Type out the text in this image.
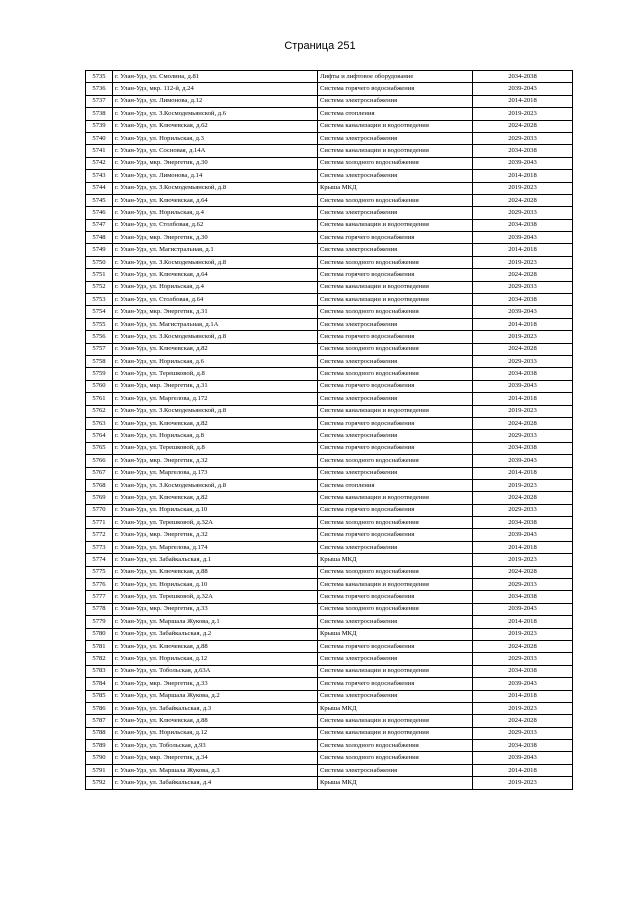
Страница 251
5735	г. Улан-Удэ, ул. Смолина, д.81	Лифты и лифтовое оборудование	2034-2038
5736	г. Улан-Удэ, мкр. 112-й, д.24	Система горячего водоснабжения	2039-2043
5737	г. Улан-Удэ, ул. Лимонова, д.12	Система электроснабжения	2014-2018
5738	г. Улан-Удэ, ул. З.Космодемьянской, д.6	Система отопления	2019-2023
5739	г. Улан-Удэ, ул. Ключевская, д.62	Система канализации и водоотведения	2024-2028
5740	г. Улан-Удэ, ул. Норильская, д.3	Система электроснабжения	2029-2033
5741	г. Улан-Удэ, ул. Сосновая, д.14А	Система канализации и водоотведения	2034-2038
5742	г. Улан-Удэ, мкр. Энергетик, д.30	Система холодного водоснабжения	2039-2043
5743	г. Улан-Удэ, ул. Лимонова, д.14	Система электроснабжения	2014-2018
5744	г. Улан-Удэ, ул. З.Космодемьянской, д.8	Крыша МКД	2019-2023
5745	г. Улан-Удэ, ул. Ключевская, д.64	Система холодного водоснабжения	2024-2028
5746	г. Улан-Удэ, ул. Норильская, д.4	Система электроснабжения	2029-2033
5747	г. Улан-Удэ, ул. Столбовая, д.62	Система канализации и водоотведения	2034-2038
5748	г. Улан-Удэ, мкр. Энергетик, д.30	Система горячего водоснабжения	2039-2043
5749	г. Улан-Удэ, ул. Магистральная, д.1	Система электроснабжения	2014-2018
5750	г. Улан-Удэ, ул. З.Космодемьянской, д.8	Система холодного водоснабжения	2019-2023
5751	г. Улан-Удэ, ул. Ключевская, д.64	Система горячего водоснабжения	2024-2028
5752	г. Улан-Удэ, ул. Норильская, д.4	Система канализации и водоотведения	2029-2033
5753	г. Улан-Удэ, ул. Столбовая, д.64	Система канализации и водоотведения	2034-2038
5754	г. Улан-Удэ, мкр. Энергетик, д.31	Система холодного водоснабжения	2039-2043
5755	г. Улан-Удэ, ул. Магистральная, д.1А	Система электроснабжения	2014-2018
5756	г. Улан-Удэ, ул. З.Космодемьянской, д.8	Система горячего водоснабжения	2019-2023
5757	г. Улан-Удэ, ул. Ключевская, д.82	Система холодного водоснабжения	2024-2028
5758	г. Улан-Удэ, ул. Норильская, д.6	Система электроснабжения	2029-2033
5759	г. Улан-Удэ, ул. Терешковой, д.8	Система холодного водоснабжения	2034-2038
5760	г. Улан-Удэ, мкр. Энергетик, д.31	Система горячего водоснабжения	2039-2043
5761	г. Улан-Удэ, ул. Маргелова, д.172	Система электроснабжения	2014-2018
5762	г. Улан-Удэ, ул. З.Космодемьянской, д.8	Система канализации и водоотведения	2019-2023
5763	г. Улан-Удэ, ул. Ключевская, д.82	Система горячего водоснабжения	2024-2028
5764	г. Улан-Удэ, ул. Норильская, д.8	Система электроснабжения	2029-2033
5765	г. Улан-Удэ, ул. Терешковой, д.8	Система горячего водоснабжения	2034-2038
5766	г. Улан-Удэ, мкр. Энергетик, д.32	Система холодного водоснабжения	2039-2043
5767	г. Улан-Удэ, ул. Маргелова, д.173	Система электроснабжения	2014-2018
5768	г. Улан-Удэ, ул. З.Космодемьянской, д.8	Система отопления	2019-2023
5769	г. Улан-Удэ, ул. Ключевская, д.82	Система канализации и водоотведения	2024-2028
5770	г. Улан-Удэ, ул. Норильская, д.10	Система горячего водоснабжения	2029-2033
5771	г. Улан-Удэ, ул. Терешковой, д.32А	Система холодного водоснабжения	2034-2038
5772	г. Улан-Удэ, мкр. Энергетик, д.32	Система горячего водоснабжения	2039-2043
5773	г. Улан-Удэ, ул. Маргелова, д.174	Система электроснабжения	2014-2018
5774	г. Улан-Удэ, ул. Забайкальская, д.1	Крыша МКД	2019-2023
5775	г. Улан-Удэ, ул. Ключевская, д.88	Система холодного водоснабжения	2024-2028
5776	г. Улан-Удэ, ул. Норильская, д.10	Система канализации и водоотведения	2029-2033
5777	г. Улан-Удэ, ул. Терешковой, д.32А	Система горячего водоснабжения	2034-2038
5778	г. Улан-Удэ, мкр. Энергетик, д.33	Система холодного водоснабжения	2039-2043
5779	г. Улан-Удэ, ул. Маршала Жукова, д.1	Система электроснабжения	2014-2018
5780	г. Улан-Удэ, ул. Забайкальская, д.2	Крыша МКД	2019-2023
5781	г. Улан-Удэ, ул. Ключевская, д.88	Система горячего водоснабжения	2024-2028
5782	г. Улан-Удэ, ул. Норильская, д.12	Система электроснабжения	2029-2033
5783	г. Улан-Удэ, ул. Тобольская, д.63А	Система канализации и водоотведения	2034-2038
5784	г. Улан-Удэ, мкр. Энергетик, д.33	Система горячего водоснабжения	2039-2043
5785	г. Улан-Удэ, ул. Маршала Жукова, д.2	Система электроснабжения	2014-2018
5786	г. Улан-Удэ, ул. Забайкальская, д.3	Крыша МКД	2019-2023
5787	г. Улан-Удэ, ул. Ключевская, д.88	Система канализации и водоотведения	2024-2028
5788	г. Улан-Удэ, ул. Норильская, д.12	Система канализации и водоотведения	2029-2033
5789	г. Улан-Удэ, ул. Тобольская, д.93	Система холодного водоснабжения	2034-2038
5790	г. Улан-Удэ, мкр. Энергетик, д.34	Система холодного водоснабжения	2039-2043
5791	г. Улан-Удэ, ул. Маршала Жукова, д.3	Система электроснабжения	2014-2018
5792	г. Улан-Удэ, ул. Забайкальская, д.4	Крыша МКД	2019-2023
